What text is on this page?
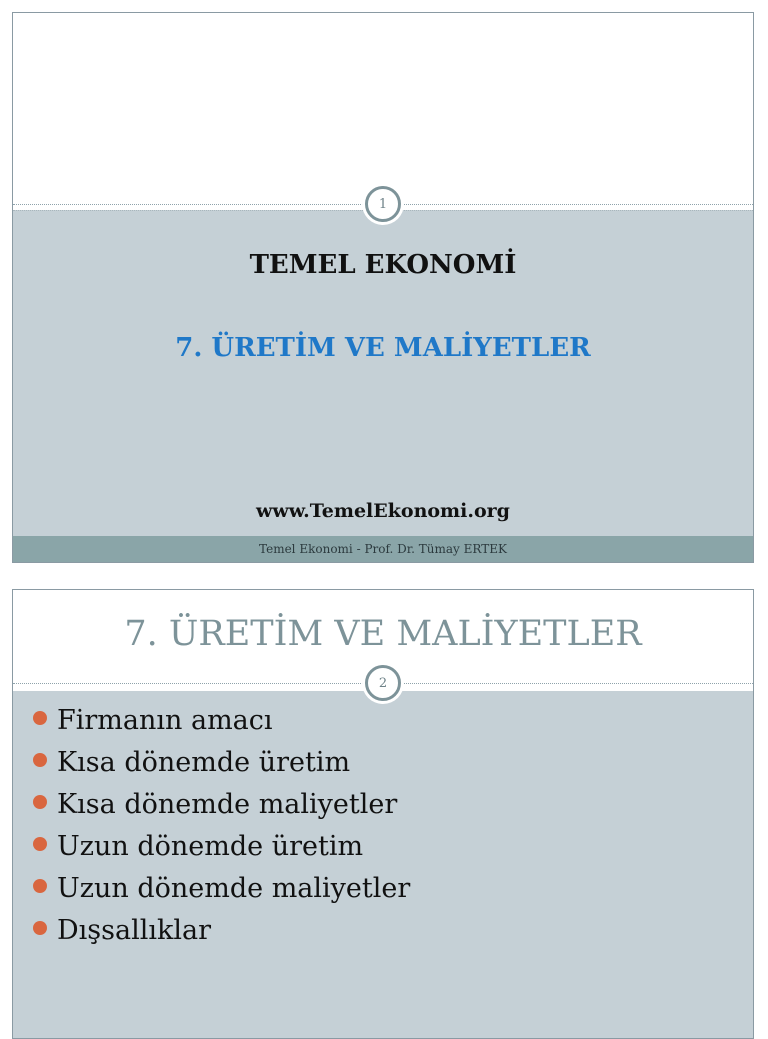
1
TEMEL EKONOMİ
7. ÜRETİM VE MALİYETLER
www.TemelEkonomi.org
Temel Ekonomi - Prof. Dr. Tümay ERTEK
7. ÜRETİM VE MALİYETLER
2
Firmanın amacı
Kısa dönemde üretim
Kısa dönemde maliyetler
Uzun dönemde üretim
Uzun dönemde maliyetler
Dışsallıklar
